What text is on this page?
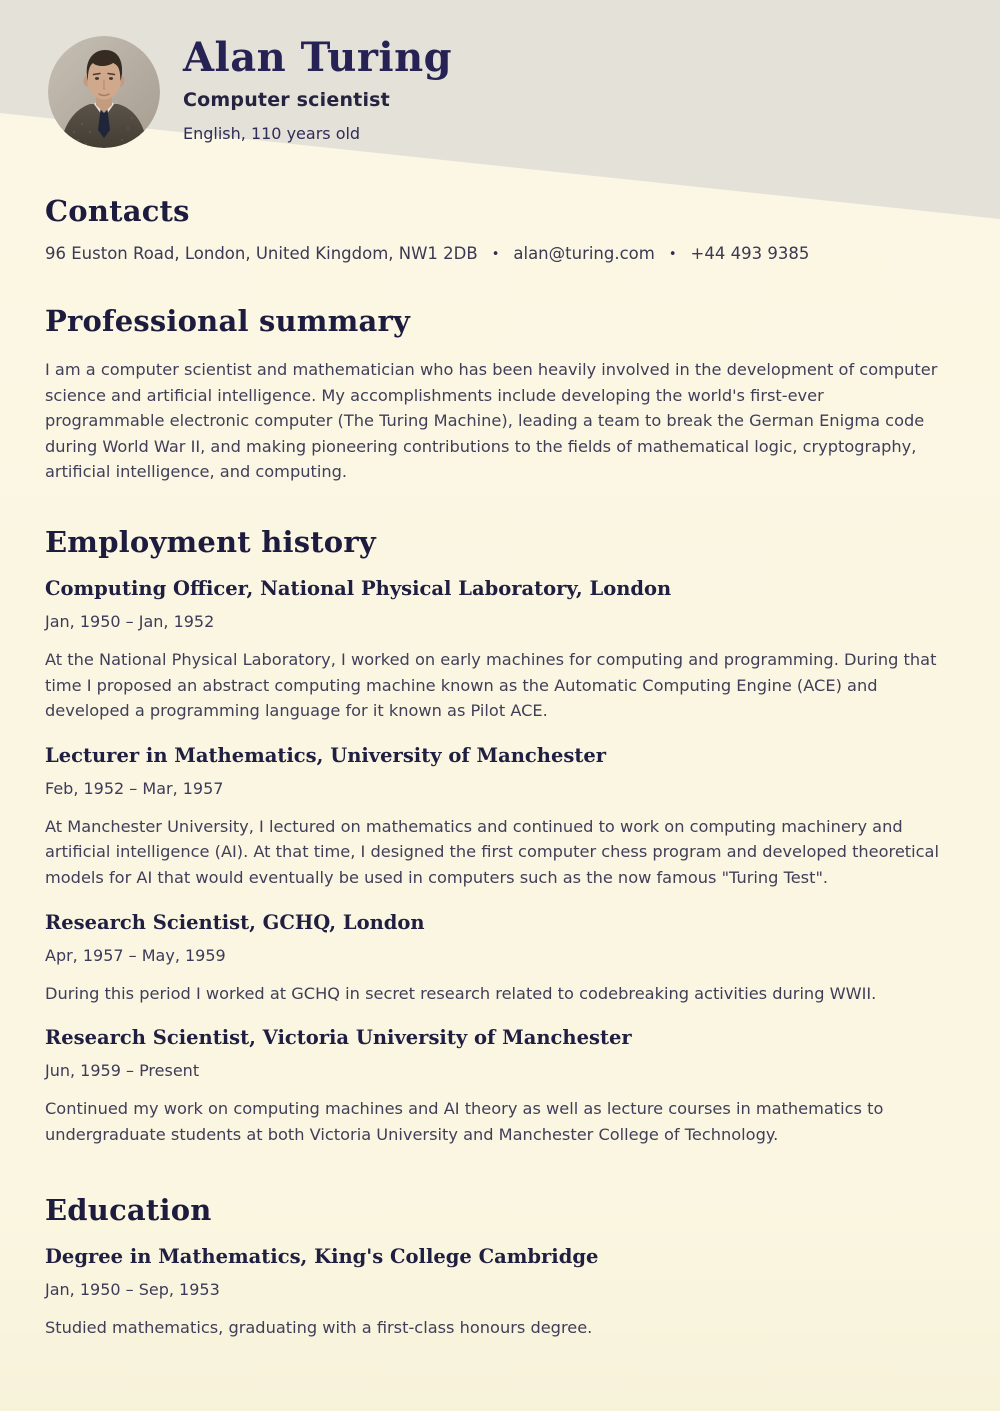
Alan Turing
Computer scientist
English, 110 years old
Contacts
96 Euston Road, London, United Kingdom, NW1 2DB • alan@turing.com • +44 493 9385
Professional summary

I am a computer scientist and mathematician who has been heavily involved in the development of computer science and artificial intelligence. My accomplishments include developing the world's first-ever programmable electronic computer (The Turing Machine), leading a team to break the German Enigma code during World War II, and making pioneering contributions to the fields of mathematical logic, cryptography, artificial intelligence, and computing.

Employment history
Computing Officer, National Physical Laboratory, London
Jan, 1950 – Jan, 1952

At the National Physical Laboratory, I worked on early machines for computing and programming. During that time I proposed an abstract computing machine known as the Automatic Computing Engine (ACE) and developed a programming language for it known as Pilot ACE.

Lecturer in Mathematics, University of Manchester
Feb, 1952 – Mar, 1957

At Manchester University, I lectured on mathematics and continued to work on computing machinery and artificial intelligence (AI). At that time, I designed the first computer chess program and developed theoretical models for AI that would eventually be used in computers such as the now famous "Turing Test".

Research Scientist, GCHQ, London
Apr, 1957 – May, 1959

During this period I worked at GCHQ in secret research related to codebreaking activities during WWII.

Research Scientist, Victoria University of Manchester
Jun, 1959 – Present

Continued my work on computing machines and AI theory as well as lecture courses in mathematics to undergraduate students at both Victoria University and Manchester College of Technology.

Education
Degree in Mathematics, King's College Cambridge
Jan, 1950 – Sep, 1953

Studied mathematics, graduating with a first-class honours degree.
